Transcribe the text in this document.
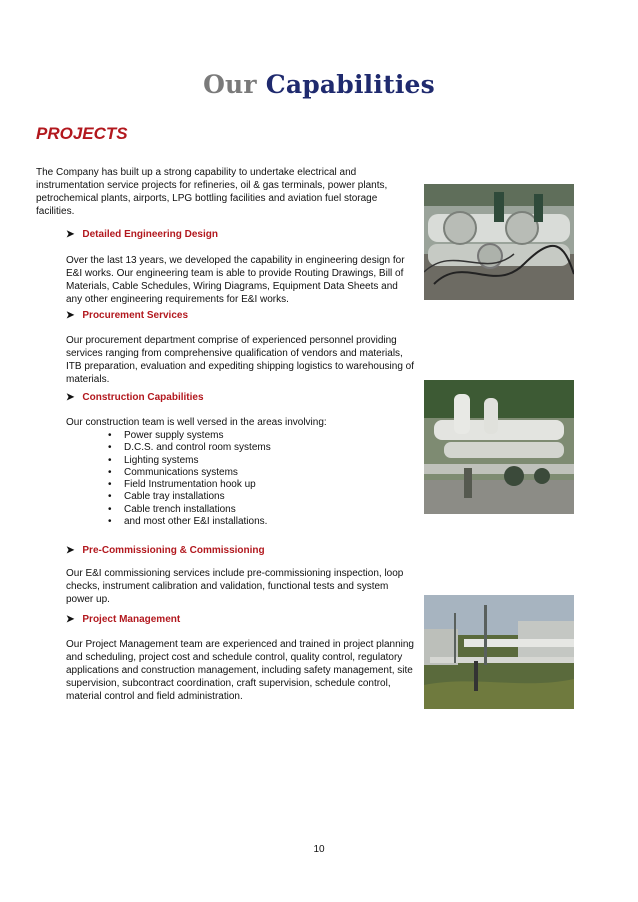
Our Capabilities
PROJECTS
The Company has built up a strong capability to undertake electrical and instrumentation service projects for refineries, oil & gas terminals, power plants, petrochemical plants, airports, LPG bottling facilities and aviation fuel storage facilities.
➤ Detailed Engineering Design
Over the last 13 years, we developed the capability in engineering design for E&I works. Our engineering team is able to provide Routing Drawings, Bill of Materials, Cable Schedules, Wiring Diagrams, Equipment Data Sheets and any other engineering requirements for E&I works.
➤ Procurement Services
Our procurement department comprise of experienced personnel providing services ranging from comprehensive qualification of vendors and materials, ITB preparation, evaluation and expediting shipping logistics to warehousing of materials.
➤ Construction Capabilities
Our construction team is well versed in the areas involving:
• Power supply systems
• D.C.S. and control room systems
• Lighting systems
• Communications systems
• Field Instrumentation hook up
• Cable tray installations
• Cable trench installations
• and most other E&I installations.
➤ Pre-Commissioning & Commissioning
Our E&I commissioning services include pre-commissioning inspection, loop checks, instrument calibration and validation, functional tests and system power up.
➤ Project Management
Our Project Management team are experienced and trained in project planning and scheduling, project cost and schedule control, quality control, regulatory applications and construction management, including safety management, site supervision, subcontract coordination, craft supervision, schedule control, material control and field administration.
10
